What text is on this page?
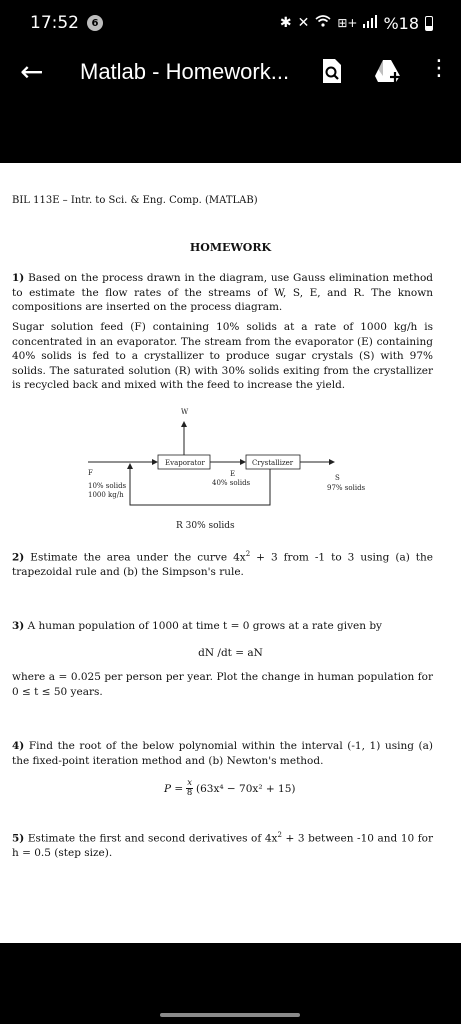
17:52	6	✱ ✕ ⊞+ %18
← Matlab - Homework...	⋮
BIL 113E – Intr. to Sci. & Eng. Comp. (MATLAB)
HOMEWORK
1) Based on the process drawn in the diagram, use Gauss elimination method to estimate the flow rates of the streams of W, S, E, and R. The known compositions are inserted on the process diagram.
Sugar solution feed (F) containing 10% solids at a rate of 1000 kg/h is concentrated in an evaporator. The stream from the evaporator (E) containing 40% solids is fed to a crystallizer to produce sugar crystals (S) with 97% solids. The saturated solution (R) with 30% solids exiting from the crystallizer is recycled back and mixed with the feed to increase the yield.
W
Evaporator	Crystallizer
E
40% solids
S
97% solids
F
10% solids
1000 kg/h
R 30% solids
2) Estimate the area under the curve $4x^2 + 3$ from -1 to 3 using (a) the trapezoidal rule and (b) the Simpson's rule.
3) A human population of 1000 at time t = 0 grows at a rate given by
dN /dt = aN
where a = 0.025 per person per year. Plot the change in human population for 0 ≤ t ≤ 50 years.
4) Find the root of the below polynomial within the interval (-1, 1) using (a) the fixed-point iteration method and (b) Newton's method.
$P = \frac{x}{8} (63x^4 - 70x^2 + 15)$
5) Estimate the first and second derivatives of $4x^2 + 3$ between -10 and 10 for h = 0.5 (step size).
